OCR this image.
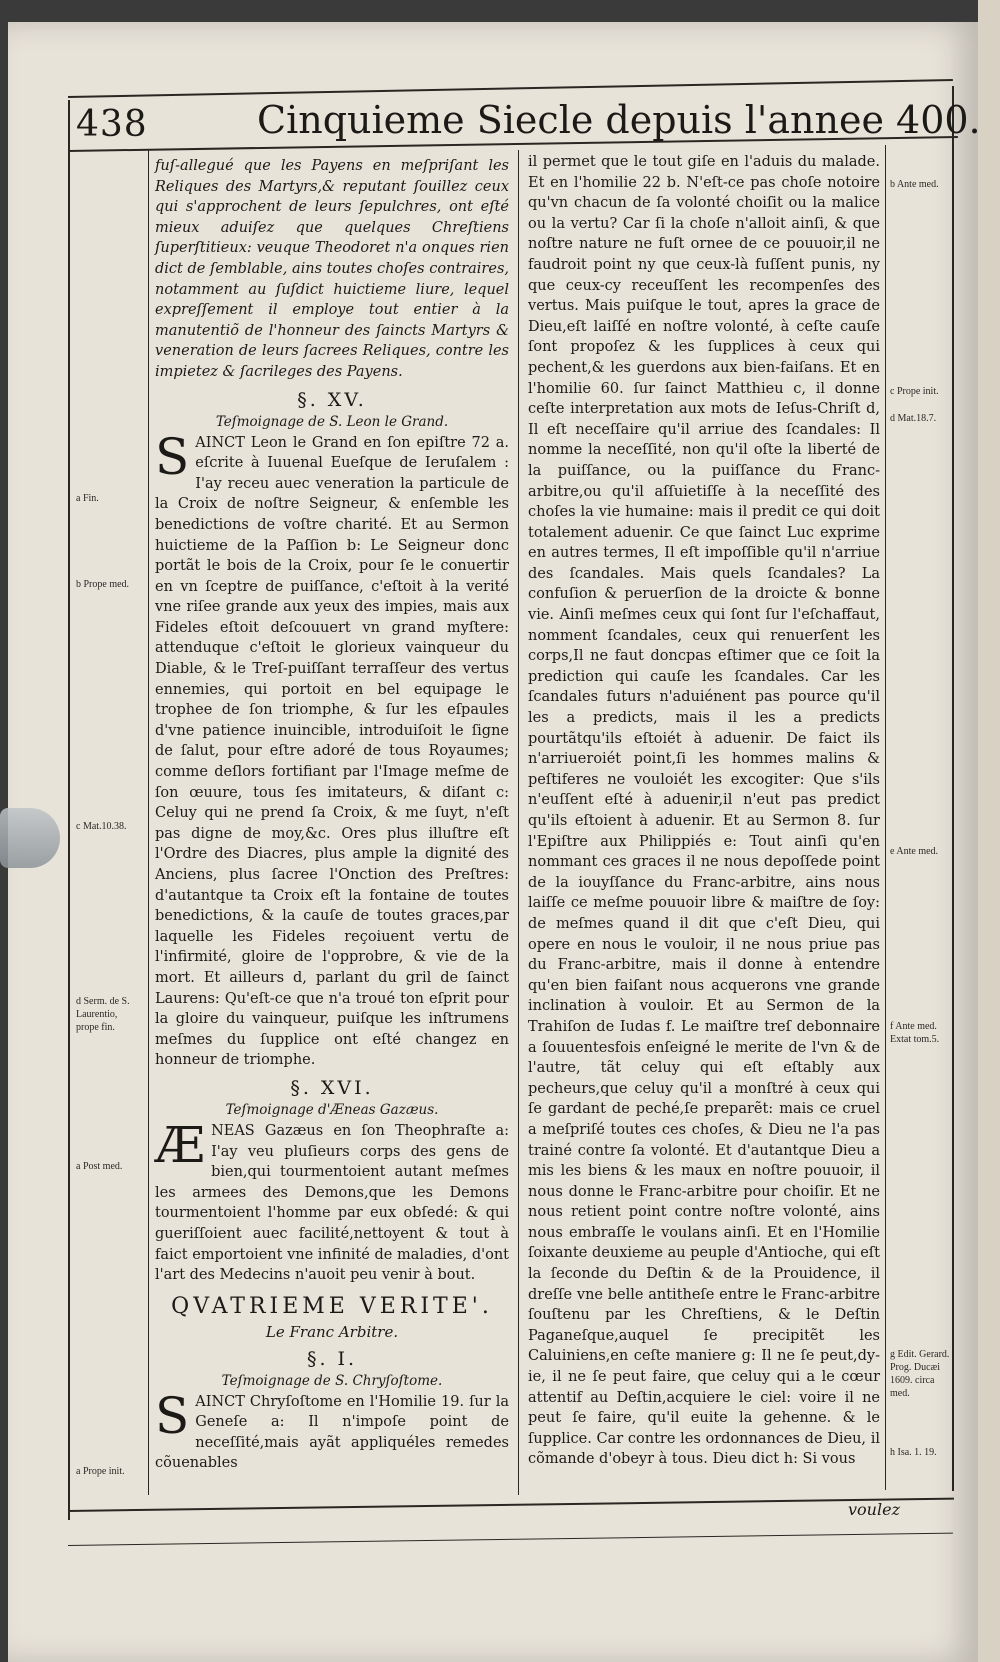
438	Cinquieme Siecle depuis l'annee 400.
a Fin.
b Prope med.
c Mat.10.38.
d Serm. de S.
Laurentio,
prope fin.
a Post med.
a Prope init.
b Ante med.
c Prope init.
d Mat.18.7.
e Ante med.
f Ante med.
Extat tom.5.
g Edit. Gerard.
Prog. Ducæi
1609. circa
med.
h Isa. 1. 19.

fuſ-allegué que les Payens en meſpriſant les Reliques des Martyrs,& reputant ſouillez ceux qui s'approchent de leurs ſepulchres, ont eſté mieux aduiſez que quelques Chreſtiens ſuperſtitieux: veuque Theodoret n'a onques rien dict de ſemblable, ains toutes choſes contraires, notamment au ſuſdict huictieme liure, lequel expreſſement il employe tout entier à la manutentiõ de l'honneur des ſaincts Martyrs & veneration de leurs ſacrees Reliques, contre les impietez & ſacrileges des Payens.

§. XV.
Teſmoignage de S. Leon le Grand.

SAINCT Leon le Grand en ſon epiſtre 72 a. eſcrite à Iuuenal Eueſque de Ieruſalem : I'ay receu auec veneration la particule de la Croix de noſtre Seigneur, & enſemble les benedictions de voſtre charité. Et au Sermon huictieme de la Paſſion b: Le Seigneur donc portãt le bois de la Croix, pour ſe le conuertir en vn ſceptre de puiſſance, c'eſtoit à la verité vne riſee grande aux yeux des impies, mais aux Fideles eſtoit deſcouuert vn grand myſtere: attenduque c'eſtoit le glorieux vainqueur du Diable, & le Treſ-puiſſant terraſſeur des vertus ennemies, qui portoit en bel equipage le trophee de ſon triomphe, & ſur les eſpaules d'vne patience inuincible, introduiſoit le ſigne de ſalut, pour eſtre adoré de tous Royaumes; comme deſlors fortifiant par l'Image meſme de ſon œuure, tous ſes imitateurs, & diſant c: Celuy qui ne prend ſa Croix, & me ſuyt, n'eſt pas digne de moy,&c. Ores plus illuſtre eſt l'Ordre des Diacres, plus ample la dignité des Anciens, plus ſacree l'Onction des Preſtres: d'autantque ta Croix eſt la fontaine de toutes benedictions, & la cauſe de toutes graces,par laquelle les Fideles reçoiuent vertu de l'infirmité, gloire de l'opprobre, & vie de la mort. Et ailleurs d, parlant du gril de ſainct Laurens: Qu'eſt-ce que n'a troué ton eſprit pour la gloire du vainqueur, puiſque les inſtrumens meſmes du ſupplice ont eſté changez en honneur de triomphe.

§. XVI.
Teſmoignage d'Æneas Gazæus.

ÆNEAS Gazæus en ſon Theophraſte a: I'ay veu pluſieurs corps des gens de bien,qui tourmentoient autant meſmes les armees des Demons,que les Demons tourmentoient l'homme par eux obſedé: & qui gueriſſoient auec facilité,nettoyent & tout à faict emportoient vne infinité de maladies, d'ont l'art des Medecins n'auoit peu venir à bout.

QVATRIEME VERITE'.
Le Franc Arbitre.
§. I.
Teſmoignage de S. Chryſoſtome.

SAINCT Chryſoſtome en l'Homilie 19. ſur la Geneſe a: Il n'impoſe point de neceſſité,mais ayãt appliquéles remedes cõuenables

il permet que le tout giſe en l'aduis du malade. Et en l'homilie 22 b. N'eſt-ce pas choſe notoire qu'vn chacun de ſa volonté choiſit ou la malice ou la vertu? Car ſi la choſe n'alloit ainſi, & que noſtre nature ne fuſt ornee de ce pouuoir,il ne faudroit point ny que ceux-là fuſſent punis, ny que ceux-cy receuſſent les recompenſes des vertus. Mais puiſque le tout, apres la grace de Dieu,eſt laiſſé en noſtre volonté, à ceſte cauſe ſont propoſez & les ſupplices à ceux qui pechent,& les guerdons aux bien-faiſans. Et en l'homilie 60. ſur ſainct Matthieu c, il donne ceſte interpretation aux mots de Ieſus-Chriſt d, Il eſt neceſſaire qu'il arriue des ſcandales: Il nomme la neceſſité, non qu'il oſte la liberté de la puiſſance, ou la puiſſance du Franc-arbitre,ou qu'il aſſuietiſſe à la neceſſité des choſes la vie humaine: mais il predit ce qui doit totalement aduenir. Ce que ſainct Luc exprime en autres termes, Il eſt impoſſible qu'il n'arriue des ſcandales. Mais quels ſcandales? La confuſion & peruerſion de la droicte & bonne vie. Ainſi meſmes ceux qui ſont ſur l'eſchaffaut, nomment ſcandales, ceux qui renuerſent les corps,Il ne faut doncpas eſtimer que ce ſoit la prediction qui cauſe les ſcandales. Car les ſcandales futurs n'aduiénent pas pource qu'il les a predicts, mais il les a predicts pourtãtqu'ils eſtoiét à aduenir. De faict ils n'arriueroiét point,ſi les hommes malins & peſtiferes ne vouloiét les excogiter: Que s'ils n'euſſent eſté à aduenir,il n'eut pas predict qu'ils eſtoient à aduenir. Et au Sermon 8. ſur l'Epiſtre aux Philippiés e: Tout ainſi qu'en nommant ces graces il ne nous depoſſede point de la iouyſſance du Franc-arbitre, ains nous laiſſe ce meſme pouuoir libre & maiſtre de ſoy: de meſmes quand il dit que c'eſt Dieu, qui opere en nous le vouloir, il ne nous priue pas du Franc-arbitre, mais il donne à entendre qu'en bien faiſant nous acquerons vne grande inclination à vouloir. Et au Sermon de la Trahiſon de Iudas f. Le maiſtre treſ debonnaire a ſouuentesfois enſeigné le merite de l'vn & de l'autre, tãt celuy qui eſt eſtably aux pecheurs,que celuy qu'il a monſtré à ceux qui ſe gardant de peché,ſe preparẽt: mais ce cruel a meſpriſé toutes ces choſes, & Dieu ne l'a pas trainé contre ſa volonté. Et d'autantque Dieu a mis les biens & les maux en noſtre pouuoir, il nous donne le Franc-arbitre pour choiſir. Et ne nous retient point contre noſtre volonté, ains nous embraſſe le voulans ainſi. Et en l'Homilie ſoixante deuxieme au peuple d'Antioche, qui eſt la ſeconde du Deſtin & de la Prouidence, il dreſſe vne belle antitheſe entre le Franc-arbitre ſouſtenu par les Chreſtiens, & le Deſtin Paganeſque,auquel ſe precipitẽt les Caluiniens,en ceſte maniere g: Il ne ſe peut,dy-ie, il ne ſe peut faire, que celuy qui a le cœur attentif au Deſtin,acquiere le ciel: voire il ne peut ſe faire, qu'il euite la gehenne. & le ſupplice. Car contre les ordonnances de Dieu, il cõmande d'obeyr à tous. Dieu dict h: Si vous

voulez
